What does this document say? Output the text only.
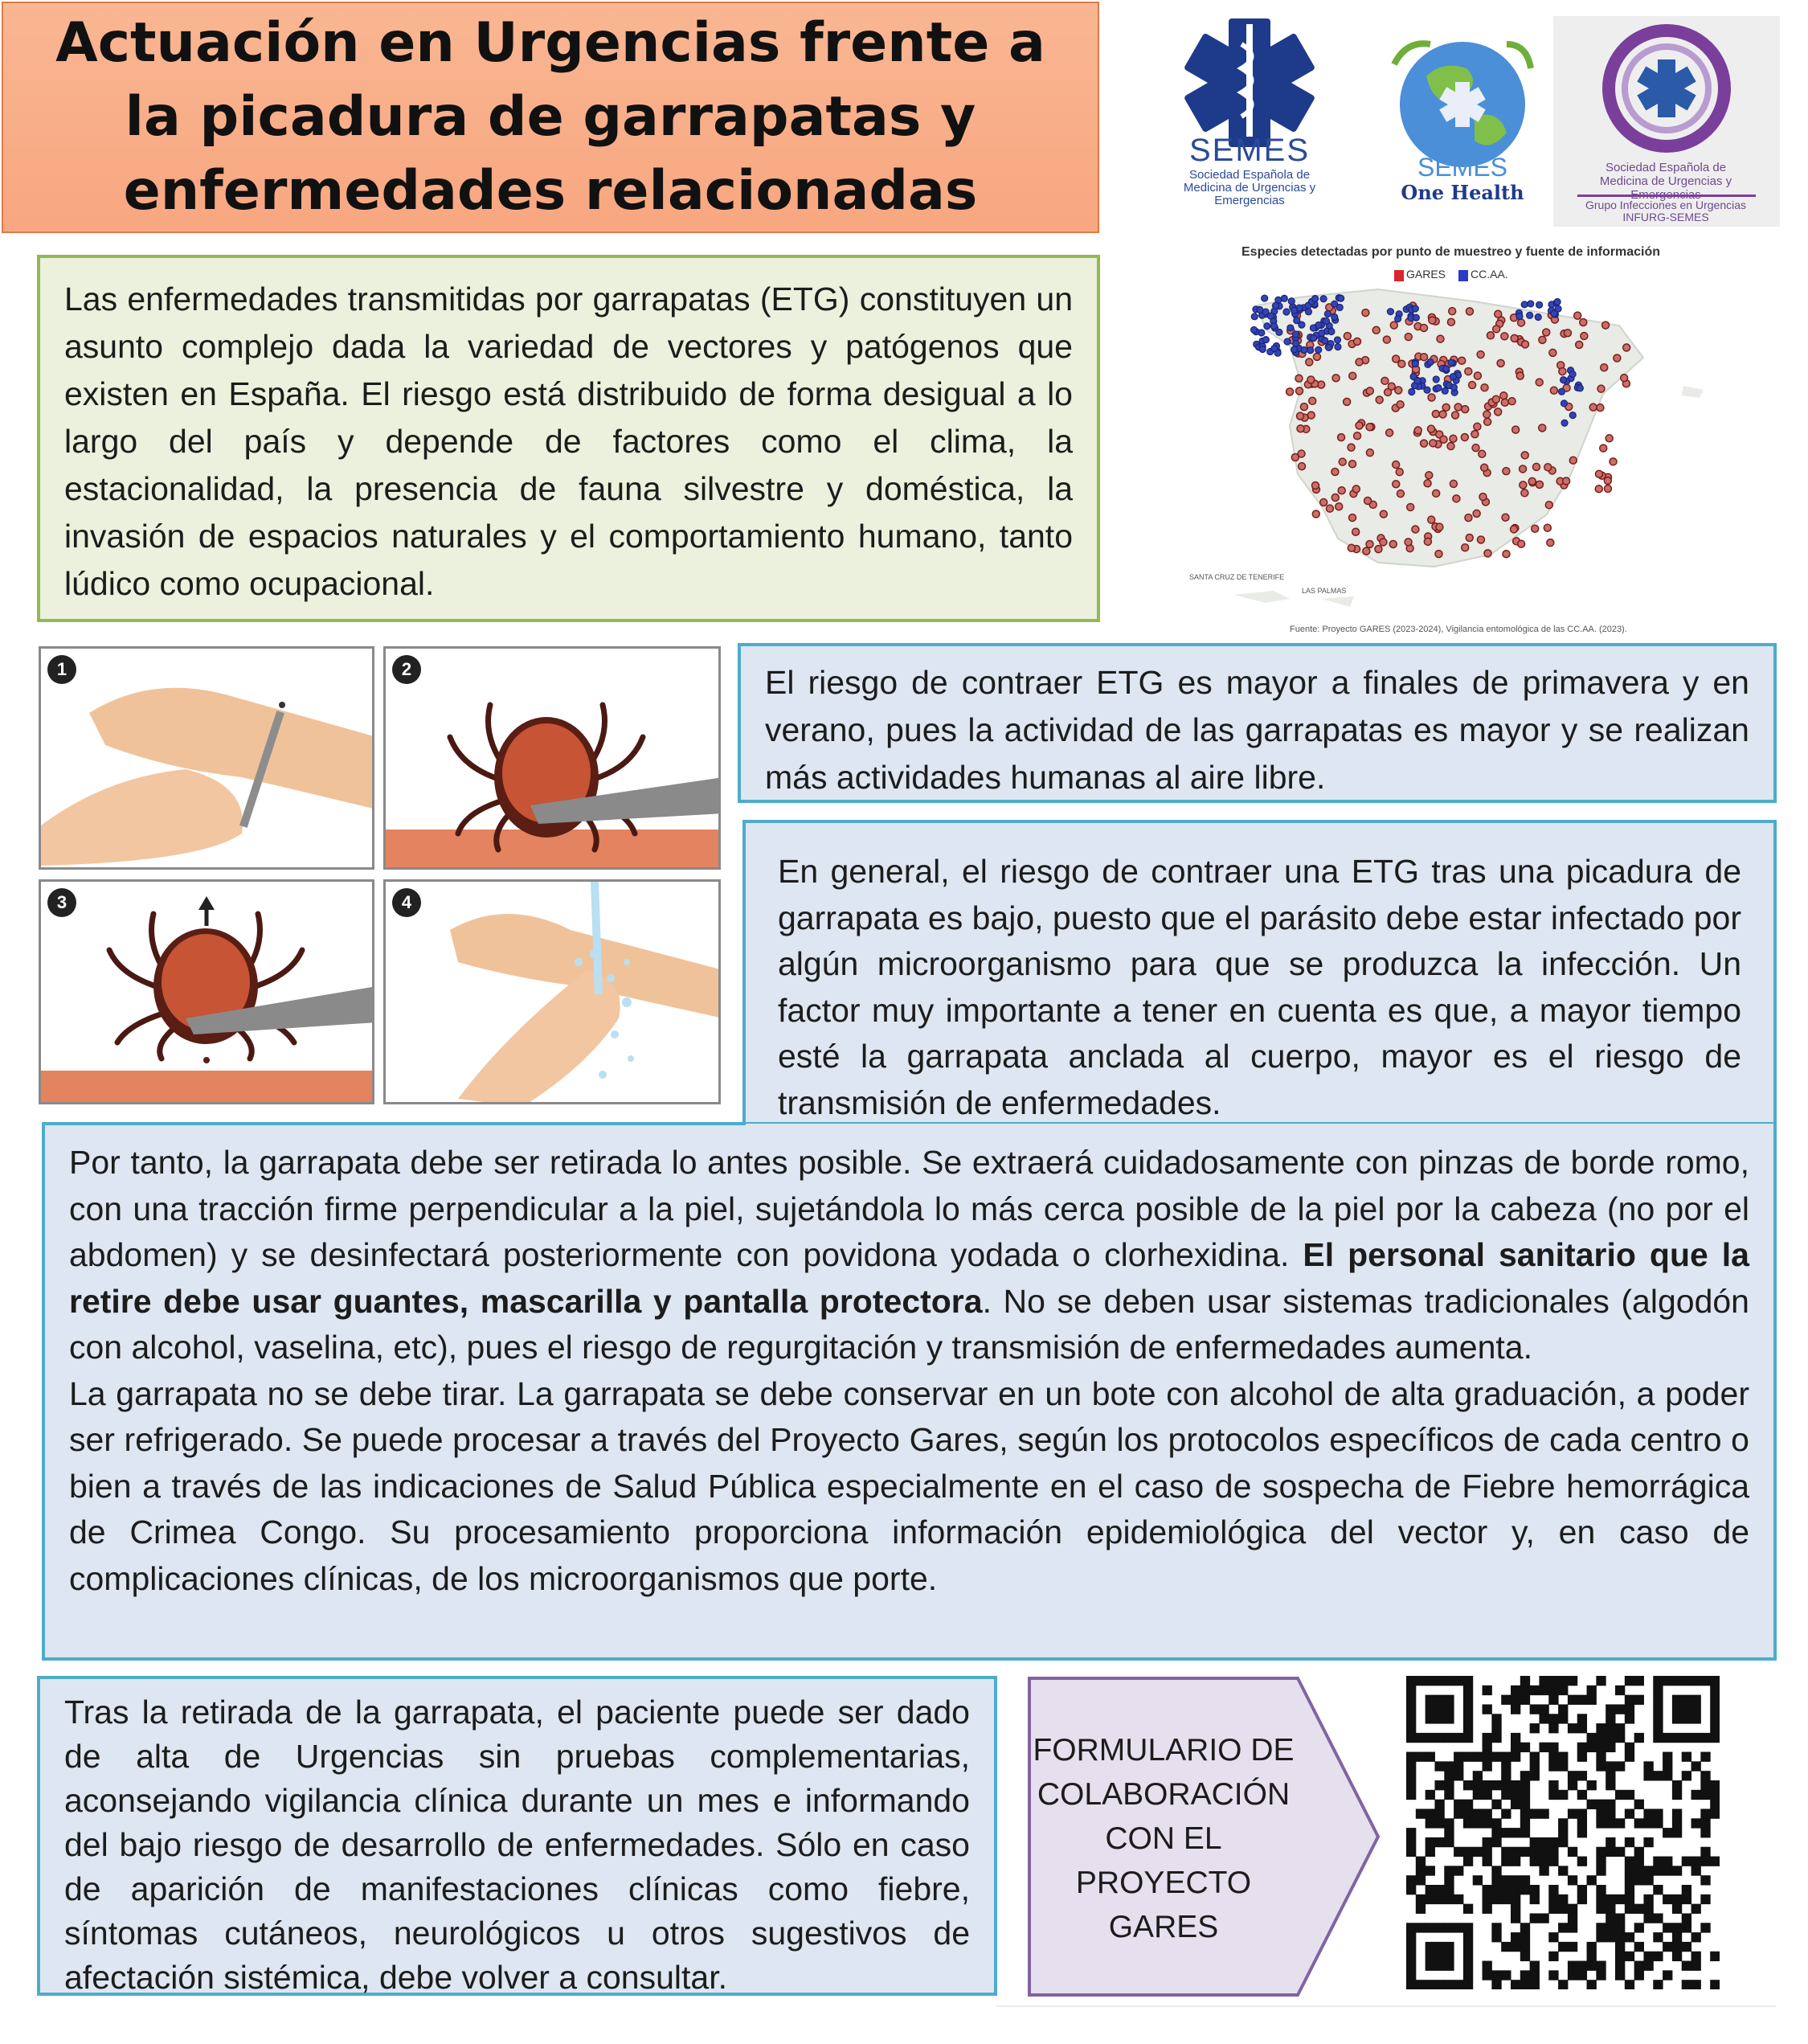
Actuación en Urgencias frente a la picadura de garrapatas y enfermedades relacionadas
SEMES
Sociedad Española de Medicina de Urgencias y Emergencias
SEMES
One Health
Sociedad Española de Medicina de Urgencias y
Grupo Infecciones en Urgencias INFURG-SEMES
Especies detectadas por punto de muestreo y fuente de información
GARES CC.AA.
SANTA CRUZ DE TENERIFE
LAS PALMAS
Fuente: Proyecto GARES (2023-2024), Vigilancia entomológica de las CC.AA. (2023).

Las enfermedades transmitidas por garrapatas (ETG) constituyen un asunto complejo dada la variedad de vectores y patógenos que existen en España. El riesgo está distribuido de forma desigual a lo largo del país y depende de factores como el clima, la estacionalidad, la presencia de fauna silvestre y doméstica, la invasión de espacios naturales y el comportamiento humano, tanto lúdico como ocupacional.

1	2
3	4

El riesgo de contraer ETG es mayor a finales de primavera y en verano, pues la actividad de las garrapatas es mayor y se realizan más actividades humanas al aire libre.

En general, el riesgo de contraer una ETG tras una picadura de garrapata es bajo, puesto que el parásito debe estar infectado por algún microorganismo para que se produzca la infección. Un factor muy importante a tener en cuenta es que, a mayor tiempo esté la garrapata anclada al cuerpo, mayor es el riesgo de transmisión de enfermedades.

Por tanto, la garrapata debe ser retirada lo antes posible. Se extraerá cuidadosamente con pinzas de borde romo, con una tracción firme perpendicular a la piel, sujetándola lo más cerca posible de la piel por la cabeza (no por el abdomen) y se desinfectará posteriormente con povidona yodada o clorhexidina. El personal sanitario que la retire debe usar guantes, mascarilla y pantalla protectora. No se deben usar sistemas tradicionales (algodón con alcohol, vaselina, etc), pues el riesgo de regurgitación y transmisión de enfermedades aumenta.

La garrapata no se debe tirar. La garrapata se debe conservar en un bote con alcohol de alta graduación, a poder ser refrigerado. Se puede procesar a través del Proyecto Gares, según los protocolos específicos de cada centro o bien a través de las indicaciones de Salud Pública especialmente en el caso de sospecha de Fiebre hemorrágica de Crimea Congo. Su procesamiento proporciona información epidemiológica del vector y, en caso de complicaciones clínicas, de los microorganismos que porte.

Tras la retirada de la garrapata, el paciente puede ser dado de alta de Urgencias sin pruebas complementarias, aconsejando vigilancia clínica durante un mes e informando del bajo riesgo de desarrollo de enfermedades. Sólo en caso de aparición de manifestaciones clínicas como fiebre, síntomas cutáneos, neurológicos u otros sugestivos de afectación sistémica, debe volver a consultar.

FORMULARIO DE
COLABORACIÓN
CON EL
PROYECTO
GARES
